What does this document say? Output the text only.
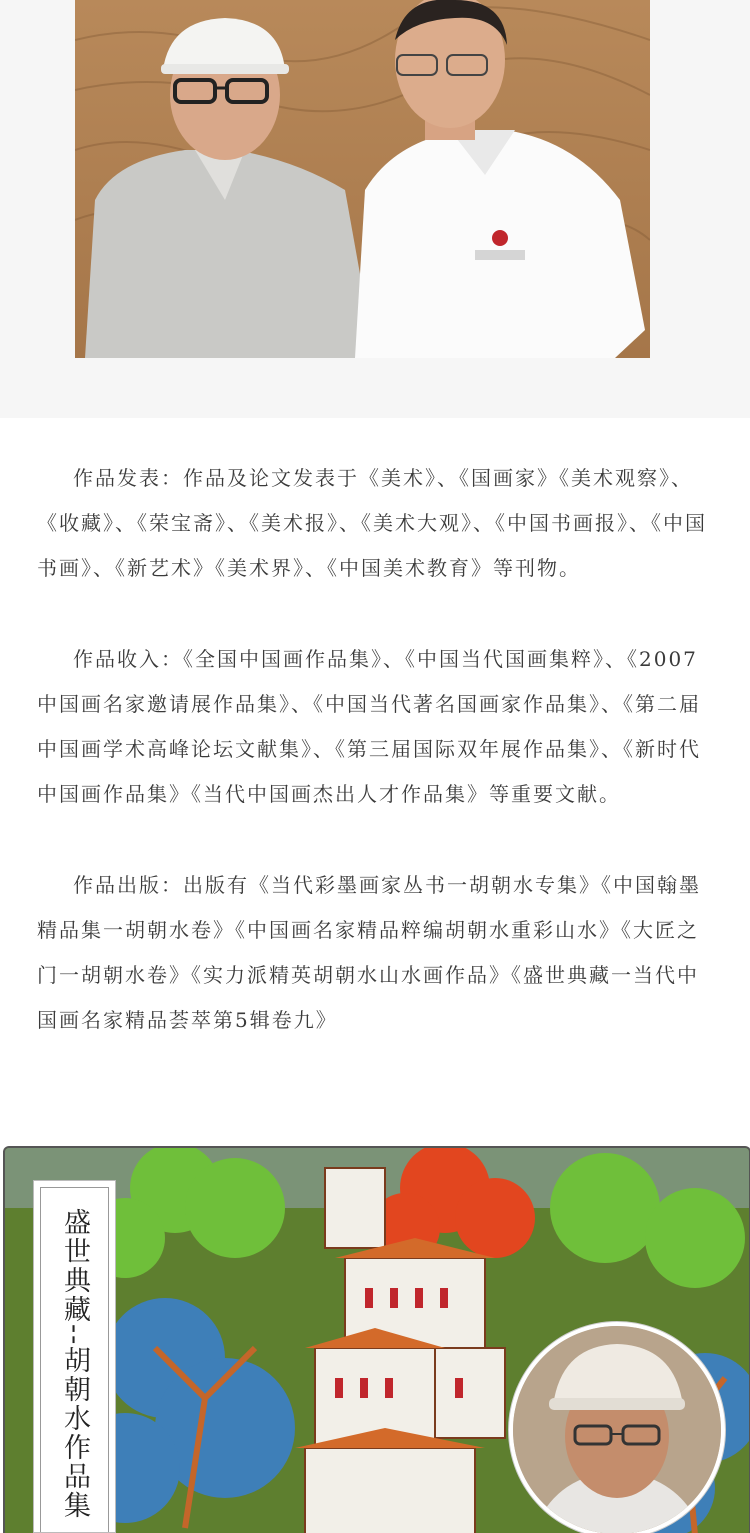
作品发表：作品及论文发表于《美术》、《国画家》《美术观察》、《收藏》、《荣宝斋》、《美术报》、《美术大观》、《中国书画报》、《中国书画》、《新艺术》《美术界》、《中国美术教育》等刊物。

作品收入：《全国中国画作品集》、《中国当代国画集粹》、《2007中国画名家邀请展作品集》、《中国当代著名国画家作品集》、《第二届中国画学术高峰论坛文献集》、《第三届国际双年展作品集》、《新时代中国画作品集》《当代中国画杰出人才作品集》等重要文献。

作品出版：出版有《当代彩墨画家丛书一胡朝水专集》《中国翰墨精品集一胡朝水卷》《中国画名家精品粹编胡朝水重彩山水》《大匠之门一胡朝水卷》《实力派精英胡朝水山水画作品》《盛世典藏一当代中国画名家精品荟萃第5辑卷九》

盛世典藏--胡朝水作品集
